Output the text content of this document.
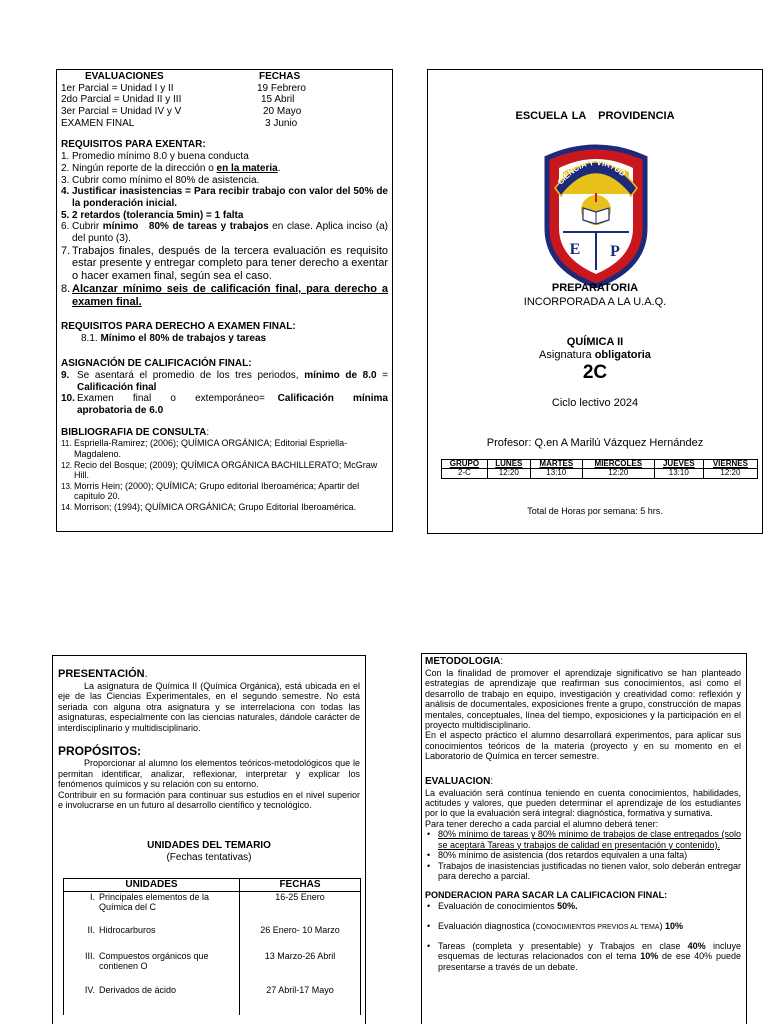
EVALUACIONES	FECHAS
1er Parcial = Unidad I y II	19 Febrero
2do Parcial = Unidad II y III	15 Abril
3er Parcial = Unidad IV y V	20 Mayo
EXAMEN FINAL	3 Junio
REQUISITOS PARA EXENTAR:
1. Promedio mínimo 8.0 y buena conducta
2. Ningún reporte de la dirección o en la materia.
3. Cubrir como mínimo el 80% de asistencia.
4. Justificar inasistencias = Para recibir trabajo con valor del 50% de la ponderación inicial.
5. 2 retardos (tolerancia 5min) = 1 falta
6. Cubrir mínimo   80% de tareas y trabajos en clase. Aplica inciso (a) del punto (3).
7. Trabajos finales, después de la tercera evaluación es requisito estar presente y entregar completo para tener derecho a exentar o hacer examen final, según sea el caso.
8. Alcanzar mínimo seis de calificación final, para derecho a examen final.
REQUISITOS PARA DERECHO A EXAMEN FINAL:
8.1. Mínimo el 80% de trabajos y tareas
ASIGNACIÓN DE CALIFICACIÓN FINAL:
9. Se asentará el promedio de los tres periodos, mínimo de 8.0 = Calificación final
10. Examen   final   o   extemporáneo=  Calificación   mínima aprobatoria de 6.0
BIBLIOGRAFIA DE CONSULTA:
11. Espriella-Ramirez; (2006); QUÍMICA ORGÁNICA; Editorial Espriella-Magdaleno.
12. Recio del Bosque; (2009); QUÍMICA ORGÁNICA BACHILLERATO; McGraw Hill.
13. Morris Hein; (2000); QUÍMICA; Grupo editorial Iberoamérica; Apartir del capitulo 20.
14. Morrison; (1994); QUÍMICA ORGÁNICA; Grupo Editorial Iberoamérica.
ESCUELA LA   PROVIDENCIA
CIENCIA Y VIRTUD
E P
PREPARATORIA
INCORPORADA A LA U.A.Q.
QUÍMICA II
Asignatura obligatoria
2C
Ciclo lectivo 2024
Profesor: Q.en A Marilú Vázquez Hernández
GRUPO	LUNES	MARTES	MIERCOLES	JUEVES	VIERNES
2-C	12:20	13:10	12:20	13:10	12:20
Total de Horas por semana: 5 hrs.
PRESENTACIÓN.
La asignatura de Química II (Química Orgánica), está ubicada en el eje de las Ciencias Experimentales, en el segundo semestre. No está seriada con alguna otra asignatura y se interrelaciona con todas las asignaturas, especialmente con las ciencias naturales, dándole carácter de interdisciplinario y multidisciplinario.
PROPÓSITOS:
Proporcionar al alumno los elementos teóricos-metodológicos que le permitan identificar, analizar, reflexionar, interpretar y explicar los fenómenos químicos y su relación con su entorno.
Contribuir en su formación para continuar sus estudios en el nivel superior e involucrarse en un futuro al desarrollo científico y tecnológico.
UNIDADES DEL TEMARIO
(Fechas tentativas)
UNIDADES	FECHAS

I. Principales elementos de la Química del C	16-25 Enero

II. Hidrocarburos	26 Enero- 10 Marzo

III. Compuestos orgánicos que contienen O	13 Marzo-26 Abril

IV. Derivados de ácido	27 Abril-17 Mayo
METODOLOGIA:
Con la finalidad de promover el aprendizaje significativo se han planteado estrategias de aprendizaje que reafirman sus conocimientos, así como el desarrollo de trabajo en equipo, investigación y creatividad como: reflexión y análisis de documentales, exposiciones frente a grupo, construcción de mapas mentales, conceptuales, línea del tiempo, exposiciones y la participación en el proyecto multidisciplinario.
En el aspecto práctico el alumno desarrollará experimentos, para aplicar sus conocimientos teóricos de la materia (proyecto y en su momento en el Laboratorio de Química en tercer semestre.
EVALUACION:
La evaluación será continua teniendo en cuenta conocimientos, habilidades, actitudes y valores, que pueden determinar el aprendizaje de los estudiantes por lo que la evaluación será integral: diagnóstica, formativa y sumativa.
Para tener derecho a cada parcial el alumno deberá tener:
• 80% mínimo de tareas y 80% mínimo de trabajos de clase entregados (solo se aceptará Tareas y trabajos de calidad en presentación y contenido).
• 80% mínimo de asistencia (dos retardos equivalen a una falta)
• Trabajos de inasistencias justificadas no tienen valor, solo deberán entregar para derecho a parcial.
PONDERACION PARA SACAR LA CALIFICACION FINAL:
• Evaluación de conocimientos 50%.
• Evaluación diagnostica (CONOCIMIENTOS PREVIOS AL TEMA) 10%
• Tareas (completa y presentable) y Trabajos en clase 40% incluye esquemas de lecturas relacionados con el tema 10% de ese 40% puede presentarse a través de un debate.
